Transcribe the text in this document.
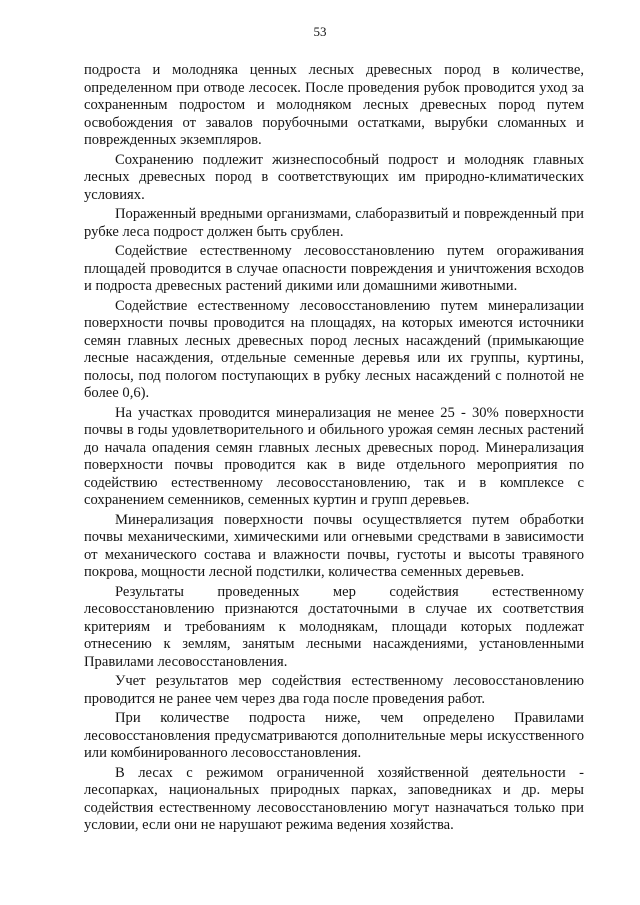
53

подроста и молодняка ценных лесных древесных пород в количестве, определенном при отводе лесосек. После проведения рубок проводится уход за сохраненным подростом и молодняком лесных древесных пород путем освобождения от завалов порубочными остатками, вырубки сломанных и поврежденных экземпляров.

Сохранению подлежит жизнеспособный подрост и молодняк главных лесных древесных пород в соответствующих им природно-климатических условиях.

Пораженный вредными организмами, слаборазвитый и поврежденный при рубке леса подрост должен быть срублен.

Содействие естественному лесовосстановлению путем огораживания площадей проводится в случае опасности повреждения и уничтожения всходов и подроста древесных растений дикими или домашними животными.

Содействие естественному лесовосстановлению путем минерализации поверхности почвы проводится на площадях, на которых имеются источники семян главных лесных древесных пород лесных насаждений (примыкающие лесные насаждения, отдельные семенные деревья или их группы, куртины, полосы, под пологом поступающих в рубку лесных насаждений с полнотой не более 0,6).

На участках проводится минерализация не менее 25 - 30% поверхности почвы в годы удовлетворительного и обильного урожая семян лесных растений до начала опадения семян главных лесных древесных пород. Минерализация поверхности почвы проводится как в виде отдельного мероприятия по содействию естественному лесовосстановлению, так и в комплексе с сохранением семенников, семенных куртин и групп деревьев.

Минерализация поверхности почвы осуществляется путем обработки почвы механическими, химическими или огневыми средствами в зависимости от механического состава и влажности почвы, густоты и высоты травяного покрова, мощности лесной подстилки, количества семенных деревьев.

Результаты проведенных мер содействия естественному лесовосстановлению признаются достаточными в случае их соответствия критериям и требованиям к молоднякам, площади которых подлежат отнесению к землям, занятым лесными насаждениями, установленными Правилами лесовосстановления.

Учет результатов мер содействия естественному лесовосстановлению проводится не ранее чем через два года после проведения работ.

При количестве подроста ниже, чем определено Правилами лесовосстановления предусматриваются дополнительные меры искусственного или комбинированного лесовосстановления.

В лесах с режимом ограниченной хозяйственной деятельности - лесопарках, национальных природных парках, заповедниках и др. меры содействия естественному лесовосстановлению могут назначаться только при условии, если они не нарушают режима ведения хозяйства.
